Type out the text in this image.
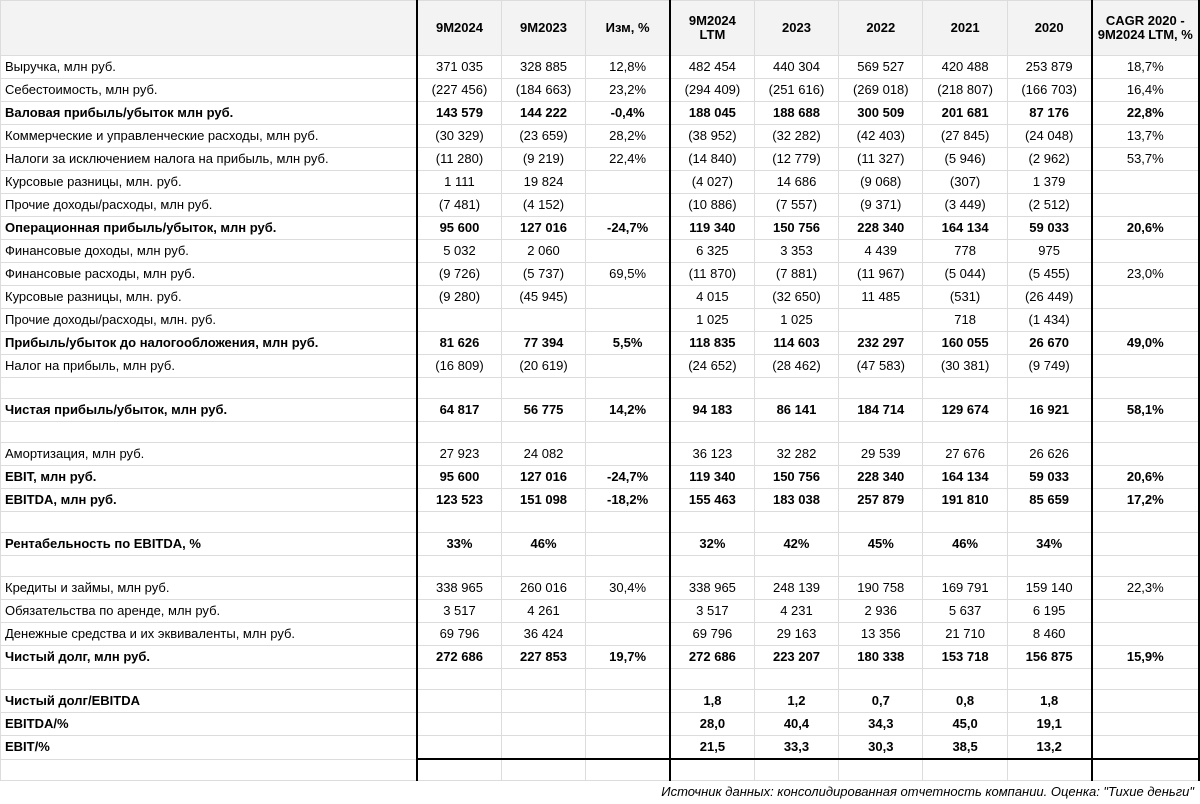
	9M2024	9M2023	Изм, %	9M2024 LTM	2023	2022	2021	2020	CAGR 2020 - 9M2024 LTM, %
Выручка, млн руб.	371 035	328 885	12,8%	482 454	440 304	569 527	420 488	253 879	18,7%
Себестоимость, млн руб.	(227 456)	(184 663)	23,2%	(294 409)	(251 616)	(269 018)	(218 807)	(166 703)	16,4%
Валовая прибыль/убыток млн руб.	143 579	144 222	-0,4%	188 045	188 688	300 509	201 681	87 176	22,8%
Коммерческие и управленческие расходы, млн руб.	(30 329)	(23 659)	28,2%	(38 952)	(32 282)	(42 403)	(27 845)	(24 048)	13,7%
Налоги за исключением налога на прибыль, млн руб.	(11 280)	(9 219)	22,4%	(14 840)	(12 779)	(11 327)	(5 946)	(2 962)	53,7%
Курсовые разницы, млн. руб.	1 111	19 824		(4 027)	14 686	(9 068)	(307)	1 379	
Прочие доходы/расходы, млн руб.	(7 481)	(4 152)		(10 886)	(7 557)	(9 371)	(3 449)	(2 512)	
Операционная прибыль/убыток, млн руб.	95 600	127 016	-24,7%	119 340	150 756	228 340	164 134	59 033	20,6%
Финансовые доходы, млн руб.	5 032	2 060		6 325	3 353	4 439	778	975	
Финансовые расходы, млн руб.	(9 726)	(5 737)	69,5%	(11 870)	(7 881)	(11 967)	(5 044)	(5 455)	23,0%
Курсовые разницы, млн. руб.	(9 280)	(45 945)		4 015	(32 650)	11 485	(531)	(26 449)	
Прочие доходы/расходы, млн. руб.				1 025	1 025		718	(1 434)	
Прибыль/убыток до налогообложения, млн руб.	81 626	77 394	5,5%	118 835	114 603	232 297	160 055	26 670	49,0%
Налог на прибыль, млн руб.	(16 809)	(20 619)		(24 652)	(28 462)	(47 583)	(30 381)	(9 749)	

Чистая прибыль/убыток, млн руб.	64 817	56 775	14,2%	94 183	86 141	184 714	129 674	16 921	58,1%

Амортизация, млн руб.	27 923	24 082		36 123	32 282	29 539	27 676	26 626	
EBIT, млн руб.	95 600	127 016	-24,7%	119 340	150 756	228 340	164 134	59 033	20,6%
EBITDA, млн руб.	123 523	151 098	-18,2%	155 463	183 038	257 879	191 810	85 659	17,2%

Рентабельность по EBITDA, %	33%	46%		32%	42%	45%	46%	34%	

Кредиты и займы, млн руб.	338 965	260 016	30,4%	338 965	248 139	190 758	169 791	159 140	22,3%
Обязательства по аренде, млн руб.	3 517	4 261		3 517	4 231	2 936	5 637	6 195	
Денежные средства и их эквиваленты, млн руб.	69 796	36 424		69 796	29 163	13 356	21 710	8 460	
Чистый долг, млн руб.	272 686	227 853	19,7%	272 686	223 207	180 338	153 718	156 875	15,9%

Чистый долг/EBITDA				1,8	1,2	0,7	0,8	1,8	
EBITDA/%				28,0	40,4	34,3	45,0	19,1	
EBIT/%				21,5	33,3	30,3	38,5	13,2	

Источник данных: консолидированная отчетность компании. Оценка: "Тихие деньги"
